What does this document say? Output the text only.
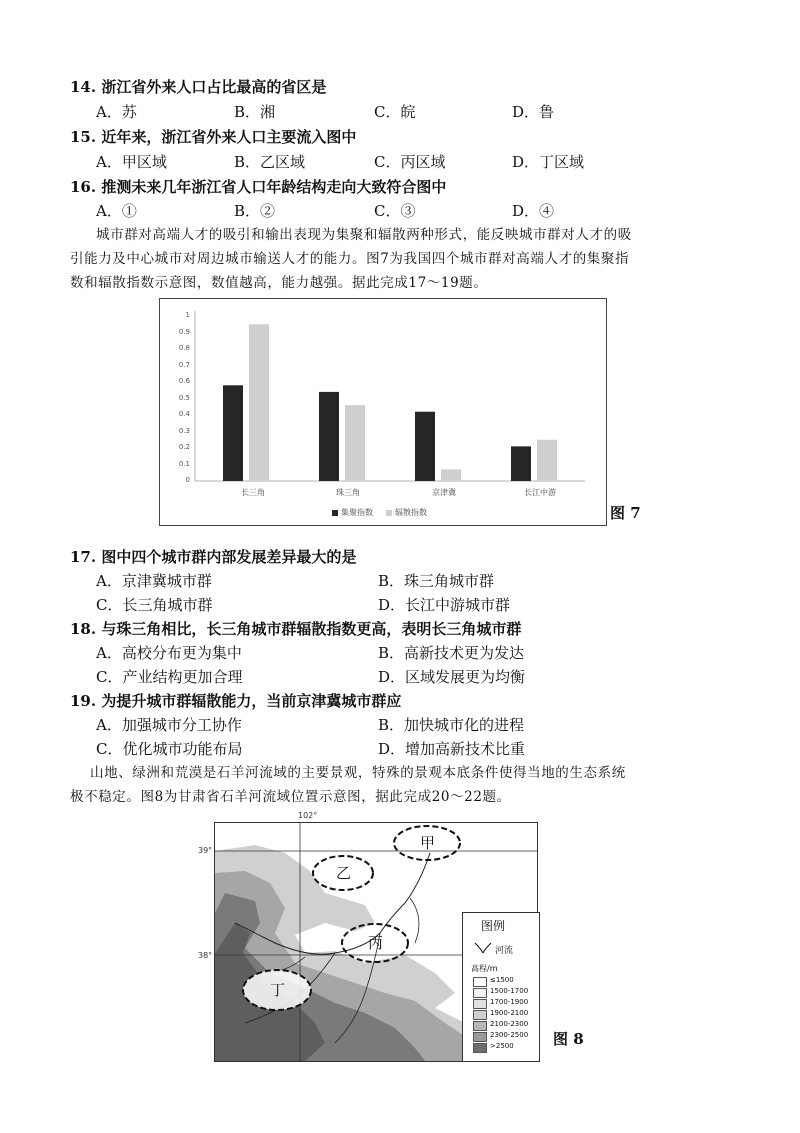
14. 浙江省外来人口占比最高的省区是
A．苏	B．湘	C．皖	D．鲁
15. 近年来，浙江省外来人口主要流入图中
A．甲区域	B．乙区域	C．丙区域	D．丁区域
16. 推测未来几年浙江省人口年龄结构走向大致符合图中
A．①	B．②	C．③	D．④
城市群对高端人才的吸引和输出表现为集聚和辐散两种形式，能反映城市群对人才的吸
引能力及中心城市对周边城市输送人才的能力。图7为我国四个城市群对高端人才的集聚指
数和辐散指数示意图，数值越高，能力越强。据此完成17～19题。
0
0.1
0.2
0.3
0.4
0.5
0.6
0.7
0.8
0.9
1
长三角	珠三角	京津冀	长江中游
集聚指数	辐散指数	图 7
17. 图中四个城市群内部发展差异最大的是
A．京津冀城市群	B．珠三角城市群
C．长三角城市群	D．长江中游城市群
18. 与珠三角相比，长三角城市群辐散指数更高，表明长三角城市群
A．高校分布更为集中	B．高新技术更为发达
C．产业结构更加合理	D．区域发展更为均衡
19. 为提升城市群辐散能力，当前京津冀城市群应
A．加强城市分工协作	B．加快城市化的进程
C．优化城市功能布局	D．增加高新技术比重
山地、绿洲和荒漠是石羊河流域的主要景观，特殊的景观本底条件使得当地的生态系统
极不稳定。图8为甘肃省石羊河流域位置示意图，据此完成20～22题。
102°
39°
38°
甲
乙
丙
丁
图例
河流
高程/m
≤1500
1500-1700
1700-1900
1900-2100
2100-2300
2300-2500
>2500	图 8
